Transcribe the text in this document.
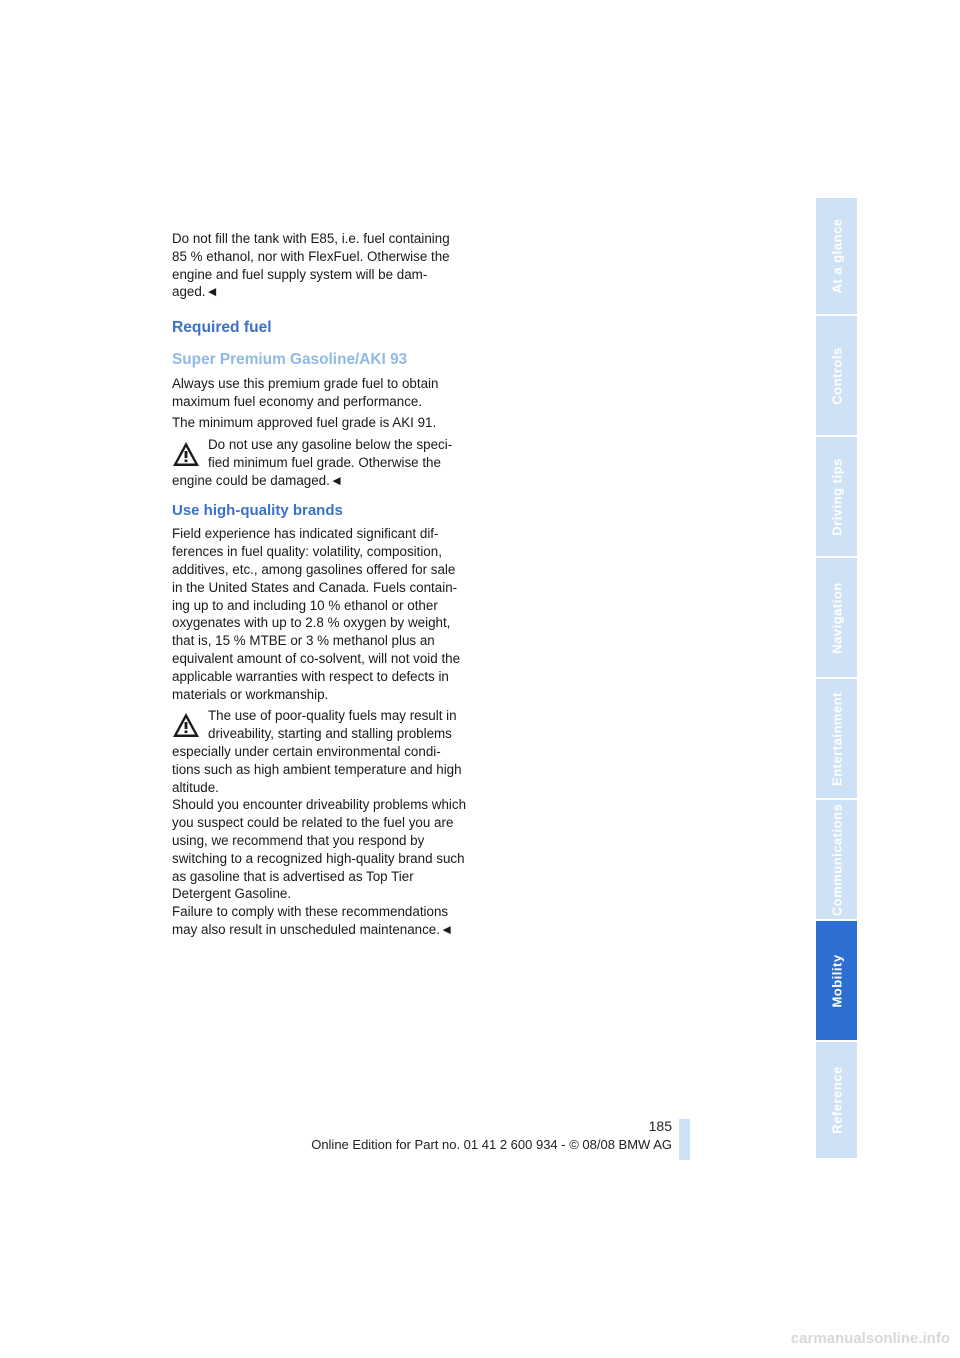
Do not fill the tank with E85, i.e. fuel containing 85 % ethanol, nor with FlexFuel. Otherwise the engine and fuel supply system will be dam-aged.◄

Required fuel
Super Premium Gasoline/AKI 93

Always use this premium grade fuel to obtain maximum fuel economy and performance.

The minimum approved fuel grade is AKI 91.

Do not use any gasoline below the speci-fied minimum fuel grade. Otherwise the engine could be damaged.◄

Use high-quality brands

Field experience has indicated significant dif-ferences in fuel quality: volatility, composition, additives, etc., among gasolines offered for sale in the United States and Canada. Fuels contain-ing up to and including 10 % ethanol or other oxygenates with up to 2.8 % oxygen by weight, that is, 15 % MTBE or 3 % methanol plus an equivalent amount of co-solvent, will not void the applicable warranties with respect to defects in materials or workmanship.

The use of poor-quality fuels may result in driveability, starting and stalling problems especially under certain environmental condi-tions such as high ambient temperature and high altitude.

Should you encounter driveability problems which you suspect could be related to the fuel you are using, we recommend that you respond by switching to a recognized high-quality brand such as gasoline that is advertised as Top Tier Detergent Gasoline.

Failure to comply with these recommendations may also result in unscheduled maintenance.◄

At a glance
Controls
Driving tips
Navigation
Entertainment
Communications
Mobility
Reference
185
Online Edition for Part no. 01 41 2 600 934 - © 08/08 BMW AG
carmanualsonline.info
